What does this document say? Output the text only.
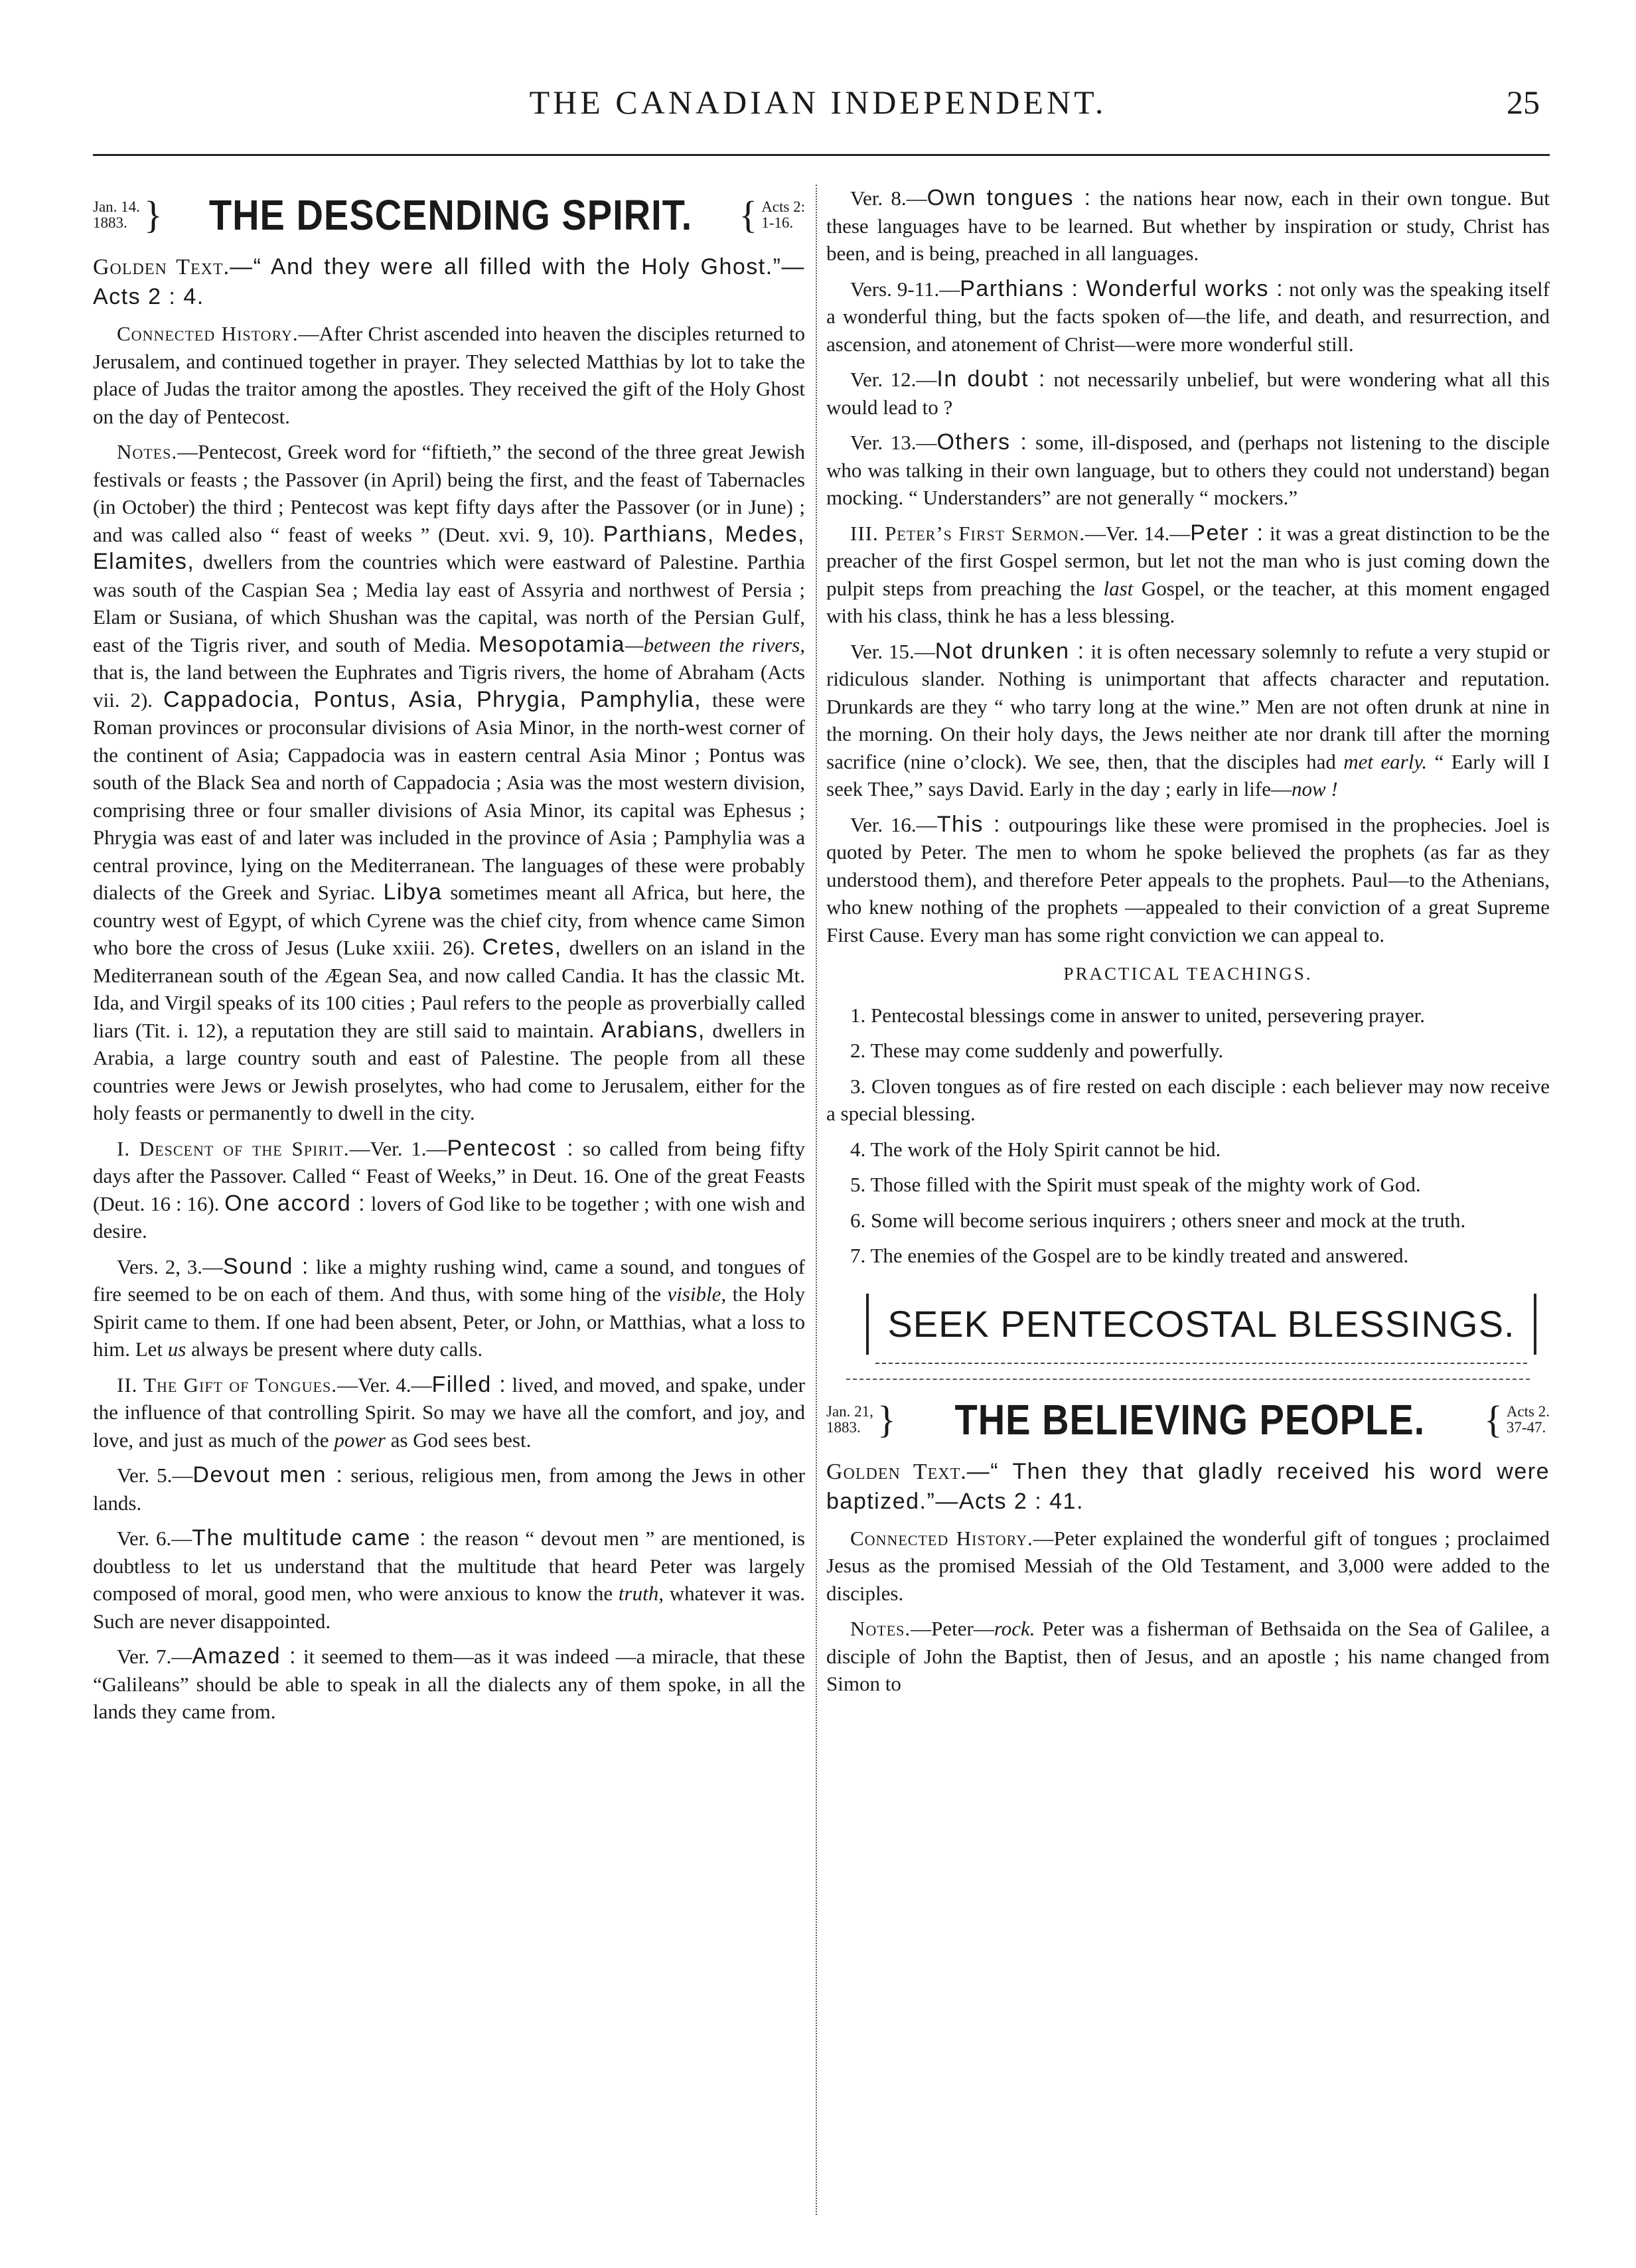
THE CANADIAN INDEPENDENT.	25
Jan. 14.
1883. } THE DESCENDING SPIRIT. { Acts 2:
1-16.

Golden Text.—“ And they were all filled with the Holy Ghost.”—Acts 2 : 4.

Connected History.—After Christ ascended into heaven the disciples returned to Jerusalem, and continued together in prayer. They selected Matthias by lot to take the place of Judas the traitor among the apostles. They received the gift of the Holy Ghost on the day of Pentecost.

Notes.—Pentecost, Greek word for “fiftieth,” the second of the three great Jewish festivals or feasts ; the Passover (in April) being the first, and the feast of Tabernacles (in October) the third ; Pentecost was kept fifty days after the Passover (or in June) ; and was called also “ feast of weeks ” (Deut. xvi. 9, 10). Parthians, Medes, Elamites, dwellers from the countries which were eastward of Palestine. Parthia was south of the Caspian Sea ; Media lay east of Assyria and northwest of Persia ; Elam or Susiana, of which Shushan was the capital, was north of the Persian Gulf, east of the Tigris river, and south of Media. Mesopotamia—between the rivers, that is, the land between the Euphrates and Tigris rivers, the home of Abraham (Acts vii. 2). Cappadocia, Pontus, Asia, Phrygia, Pamphylia, these were Roman provinces or proconsular divisions of Asia Minor, in the north-west corner of the continent of Asia; Cappadocia was in eastern central Asia Minor ; Pontus was south of the Black Sea and north of Cappadocia ; Asia was the most western division, comprising three or four smaller divisions of Asia Minor, its capital was Ephesus ; Phrygia was east of and later was included in the province of Asia ; Pamphylia was a central province, lying on the Mediterranean. The languages of these were probably dialects of the Greek and Syriac. Libya sometimes meant all Africa, but here, the country west of Egypt, of which Cyrene was the chief city, from whence came Simon who bore the cross of Jesus (Luke xxiii. 26). Cretes, dwellers on an island in the Mediterranean south of the Ægean Sea, and now called Candia. It has the classic Mt. Ida, and Virgil speaks of its 100 cities ; Paul refers to the people as proverbially called liars (Tit. i. 12), a reputation they are still said to maintain. Arabians, dwellers in Arabia, a large country south and east of Palestine. The people from all these countries were Jews or Jewish proselytes, who had come to Jerusalem, either for the holy feasts or permanently to dwell in the city.

I. Descent of the Spirit.—Ver. 1.—Pentecost : so called from being fifty days after the Passover. Called “ Feast of Weeks,” in Deut. 16. One of the great Feasts (Deut. 16 : 16). One accord : lovers of God like to be together ; with one wish and desire.

Vers. 2, 3.—Sound : like a mighty rushing wind, came a sound, and tongues of fire seemed to be on each of them. And thus, with some hing of the visible, the Holy Spirit came to them. If one had been absent, Peter, or John, or Matthias, what a loss to him. Let us always be present where duty calls.

II. The Gift of Tongues.—Ver. 4.—Filled : lived, and moved, and spake, under the influence of that controlling Spirit. So may we have all the comfort, and joy, and love, and just as much of the power as God sees best.

Ver. 5.—Devout men : serious, religious men, from among the Jews in other lands.

Ver. 6.—The multitude came : the reason “ devout men ” are mentioned, is doubtless to let us understand that the multitude that heard Peter was largely composed of moral, good men, who were anxious to know the truth, whatever it was. Such are never disappointed.

Ver. 7.—Amazed : it seemed to them—as it was indeed —a miracle, that these “Galileans” should be able to speak in all the dialects any of them spoke, in all the lands they came from.

Ver. 8.—Own tongues : the nations hear now, each in their own tongue. But these languages have to be learned. But whether by inspiration or study, Christ has been, and is being, preached in all languages.

Vers. 9-11.—Parthians : Wonderful works : not only was the speaking itself a wonderful thing, but the facts spoken of—the life, and death, and resurrection, and ascension, and atonement of Christ—were more wonderful still.

Ver. 12.—In doubt : not necessarily unbelief, but were wondering what all this would lead to ?

Ver. 13.—Others : some, ill-disposed, and (perhaps not listening to the disciple who was talking in their own language, but to others they could not understand) began mocking. “ Understanders” are not generally “ mockers.”

III. Peter’s First Sermon.—Ver. 14.—Peter : it was a great distinction to be the preacher of the first Gospel sermon, but let not the man who is just coming down the pulpit steps from preaching the last Gospel, or the teacher, at this moment engaged with his class, think he has a less blessing.

Ver. 15.—Not drunken : it is often necessary solemnly to refute a very stupid or ridiculous slander. Nothing is unimportant that affects character and reputation. Drunkards are they “ who tarry long at the wine.” Men are not often drunk at nine in the morning. On their holy days, the Jews neither ate nor drank till after the morning sacrifice (nine o’clock). We see, then, that the disciples had met early. “ Early will I seek Thee,” says David. Early in the day ; early in life—now !

Ver. 16.—This : outpourings like these were promised in the prophecies. Joel is quoted by Peter. The men to whom he spoke believed the prophets (as far as they understood them), and therefore Peter appeals to the prophets. Paul—to the Athenians, who knew nothing of the prophets —appealed to their conviction of a great Supreme First Cause. Every man has some right conviction we can appeal to.

PRACTICAL TEACHINGS.

1. Pentecostal blessings come in answer to united, persevering prayer.

2. These may come suddenly and powerfully.

3. Cloven tongues as of fire rested on each disciple : each believer may now receive a special blessing.

4. The work of the Holy Spirit cannot be hid.

5. Those filled with the Spirit must speak of the mighty work of God.

6. Some will become serious inquirers ; others sneer and mock at the truth.

7. The enemies of the Gospel are to be kindly treated and answered.

SEEK PENTECOSTAL BLESSINGS.
Jan. 21,
1883. } THE BELIEVING PEOPLE. { Acts 2.
37-47.

Golden Text.—“ Then they that gladly received his word were baptized.”—Acts 2 : 41.

Connected History.—Peter explained the wonderful gift of tongues ; proclaimed Jesus as the promised Messiah of the Old Testament, and 3,000 were added to the disciples.

Notes.—Peter—rock. Peter was a fisherman of Bethsaida on the Sea of Galilee, a disciple of John the Baptist, then of Jesus, and an apostle ; his name changed from Simon to
